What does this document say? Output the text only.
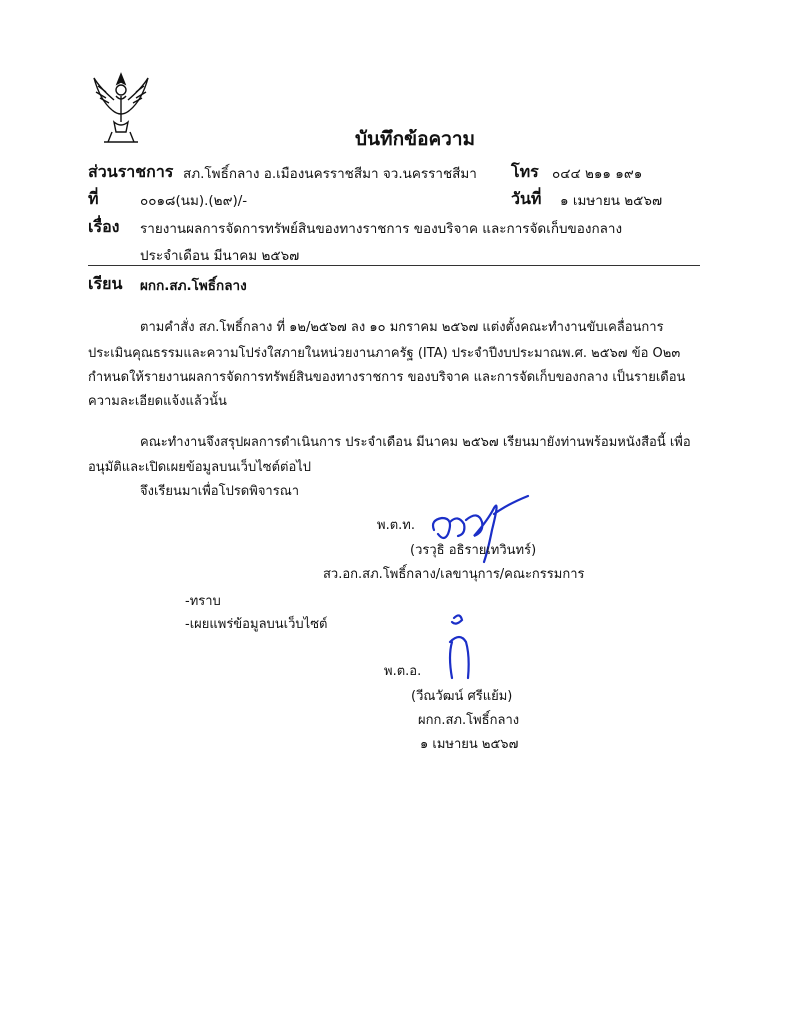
บันทึกข้อความ
ส่วนราชการ สภ.โพธิ์กลาง อ.เมืองนครราชสีมา จว.นครราชสีมา โทร ๐๔๔ ๒๑๑ ๑๙๑
ที่	๐๐๑๘(นม).(๒๙)/-	วันที่ ๑ เมษายน ๒๕๖๗
เรื่อง รายงานผลการจัดการทรัพย์สินของทางราชการ ของบริจาค และการจัดเก็บของกลาง
ประจำเดือน มีนาคม ๒๕๖๗
เรียน ผกก.สภ.โพธิ์กลาง
ตามคำสั่ง สภ.โพธิ์กลาง ที่ ๑๒/๒๕๖๗ ลง ๑๐ มกราคม ๒๕๖๗ แต่งตั้งคณะทำงานขับเคลื่อนการ
ประเมินคุณธรรมและความโปร่งใสภายในหน่วยงานภาครัฐ (ITA) ประจำปีงบประมาณพ.ศ. ๒๕๖๗ ข้อ O๒๓
กำหนดให้รายงานผลการจัดการทรัพย์สินของทางราชการ ของบริจาค และการจัดเก็บของกลาง เป็นรายเดือน
ความละเอียดแจ้งแล้วนั้น
คณะทำงานจึงสรุปผลการดำเนินการ ประจำเดือน มีนาคม ๒๕๖๗ เรียนมายังท่านพร้อมหนังสือนี้ เพื่อ
อนุมัติและเปิดเผยข้อมูลบนเว็บไซต์ต่อไป
จึงเรียนมาเพื่อโปรดพิจารณา
พ.ต.ท.
(วรวุธิ อธิรายเทวินทร์)
สว.อก.สภ.โพธิ์กลาง/เลขานุการ/คณะกรรมการ
-ทราบ
-เผยแพร่ข้อมูลบนเว็บไซต์
พ.ต.อ.
(วีณวัฒน์ ศรีแย้ม)
ผกก.สภ.โพธิ์กลาง
๑ เมษายน ๒๕๖๗
